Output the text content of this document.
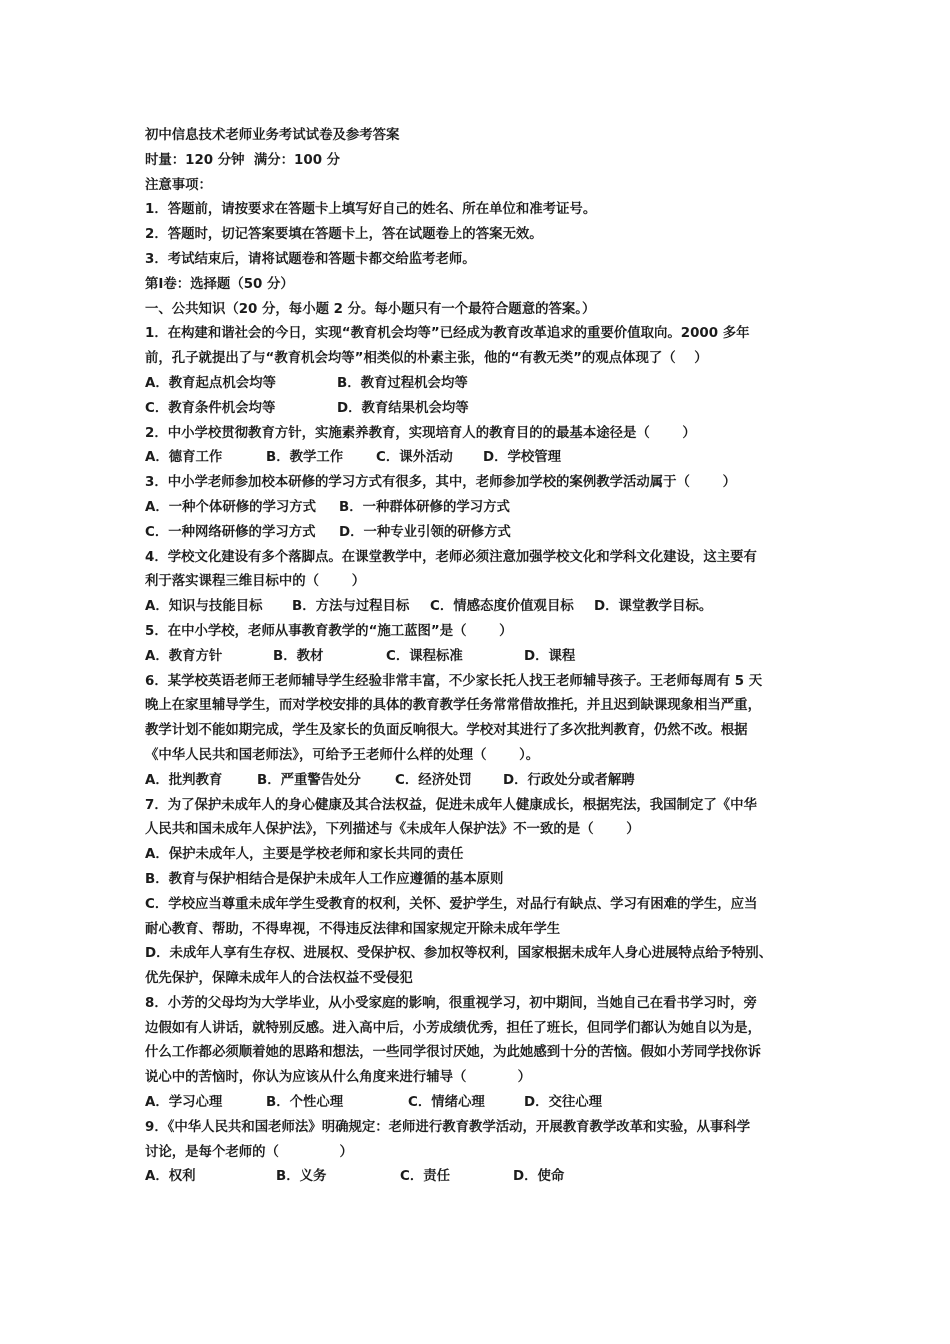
初中信息技术老师业务考试试卷及参考答案
时量：120 分钟  满分：100 分
注意事项：
1．答题前，请按要求在答题卡上填写好自己的姓名、所在单位和准考证号。
2．答题时，切记答案要填在答题卡上，答在试题卷上的答案无效。
3．考试结束后，请将试题卷和答题卡都交给监考老师。
第Ⅰ卷：选择题（50 分）
一、公共知识（20 分，每小题 2 分。每小题只有一个最符合题意的答案。）
1．在构建和谐社会的今日，实现“教育机会均等”已经成为教育改革追求的重要价值取向。2000 多年
前，孔子就提出了与“教育机会均等”相类似的朴素主张，他的“有教无类”的观点体现了（    ）
A．教育起点机会均等	B．教育过程机会均等
C．教育条件机会均等	D．教育结果机会均等
2．中小学校贯彻教育方针，实施素养教育，实现培育人的教育目的的最基本途径是（       ）
A．德育工作	B．教学工作	C．课外活动	D．学校管理
3．中小学老师参加校本研修的学习方式有很多，其中，老师参加学校的案例教学活动属于（       ）
A．一种个体研修的学习方式	B．一种群体研修的学习方式
C．一种网络研修的学习方式	D．一种专业引领的研修方式
4．学校文化建设有多个落脚点。在课堂教学中，老师必须注意加强学校文化和学科文化建设，这主要有
利于落实课程三维目标中的（       ）
A．知识与技能目标	B．方法与过程目标	C．情感态度价值观目标	D．课堂教学目标。
5．在中小学校，老师从事教育教学的“施工蓝图”是（       ）
A．教育方针	B．教材	C．课程标准	D．课程
6．某学校英语老师王老师辅导学生经验非常丰富，不少家长托人找王老师辅导孩子。王老师每周有 5 天
晚上在家里辅导学生，而对学校安排的具体的教育教学任务常常借故推托，并且迟到缺课现象相当严重，
教学计划不能如期完成，学生及家长的负面反响很大。学校对其进行了多次批判教育，仍然不改。根据
《中华人民共和国老师法》，可给予王老师什么样的处理（       ）。
A．批判教育	B．严重警告处分	C．经济处罚	D．行政处分或者解聘
7．为了保护未成年人的身心健康及其合法权益，促进未成年人健康成长，根据宪法，我国制定了《中华
人民共和国未成年人保护法》，下列描述与《未成年人保护法》不一致的是（       ）
A．保护未成年人，主要是学校老师和家长共同的责任
B．教育与保护相结合是保护未成年人工作应遵循的基本原则
C．学校应当尊重未成年学生受教育的权利，关怀、爱护学生，对品行有缺点、学习有困难的学生，应当
耐心教育、帮助，不得卑视，不得违反法律和国家规定开除未成年学生
D．未成年人享有生存权、进展权、受保护权、参加权等权利，国家根据未成年人身心进展特点给予特别、
优先保护，保障未成年人的合法权益不受侵犯
8．小芳的父母均为大学毕业，从小受家庭的影响，很重视学习，初中期间，当她自己在看书学习时，旁
边假如有人讲话，就特别反感。进入高中后，小芳成绩优秀，担任了班长，但同学们都认为她自以为是，
什么工作都必须顺着她的思路和想法，一些同学很讨厌她，为此她感到十分的苦恼。假如小芳同学找你诉
说心中的苦恼时，你认为应该从什么角度来进行辅导（           ）
A．学习心理	B．个性心理	C．情绪心理	D．交往心理
9．《中华人民共和国老师法》明确规定：老师进行教育教学活动，开展教育教学改革和实验，从事科学
讨论，是每个老师的（             ）
A．权利	B．义务	C．责任	D．使命
